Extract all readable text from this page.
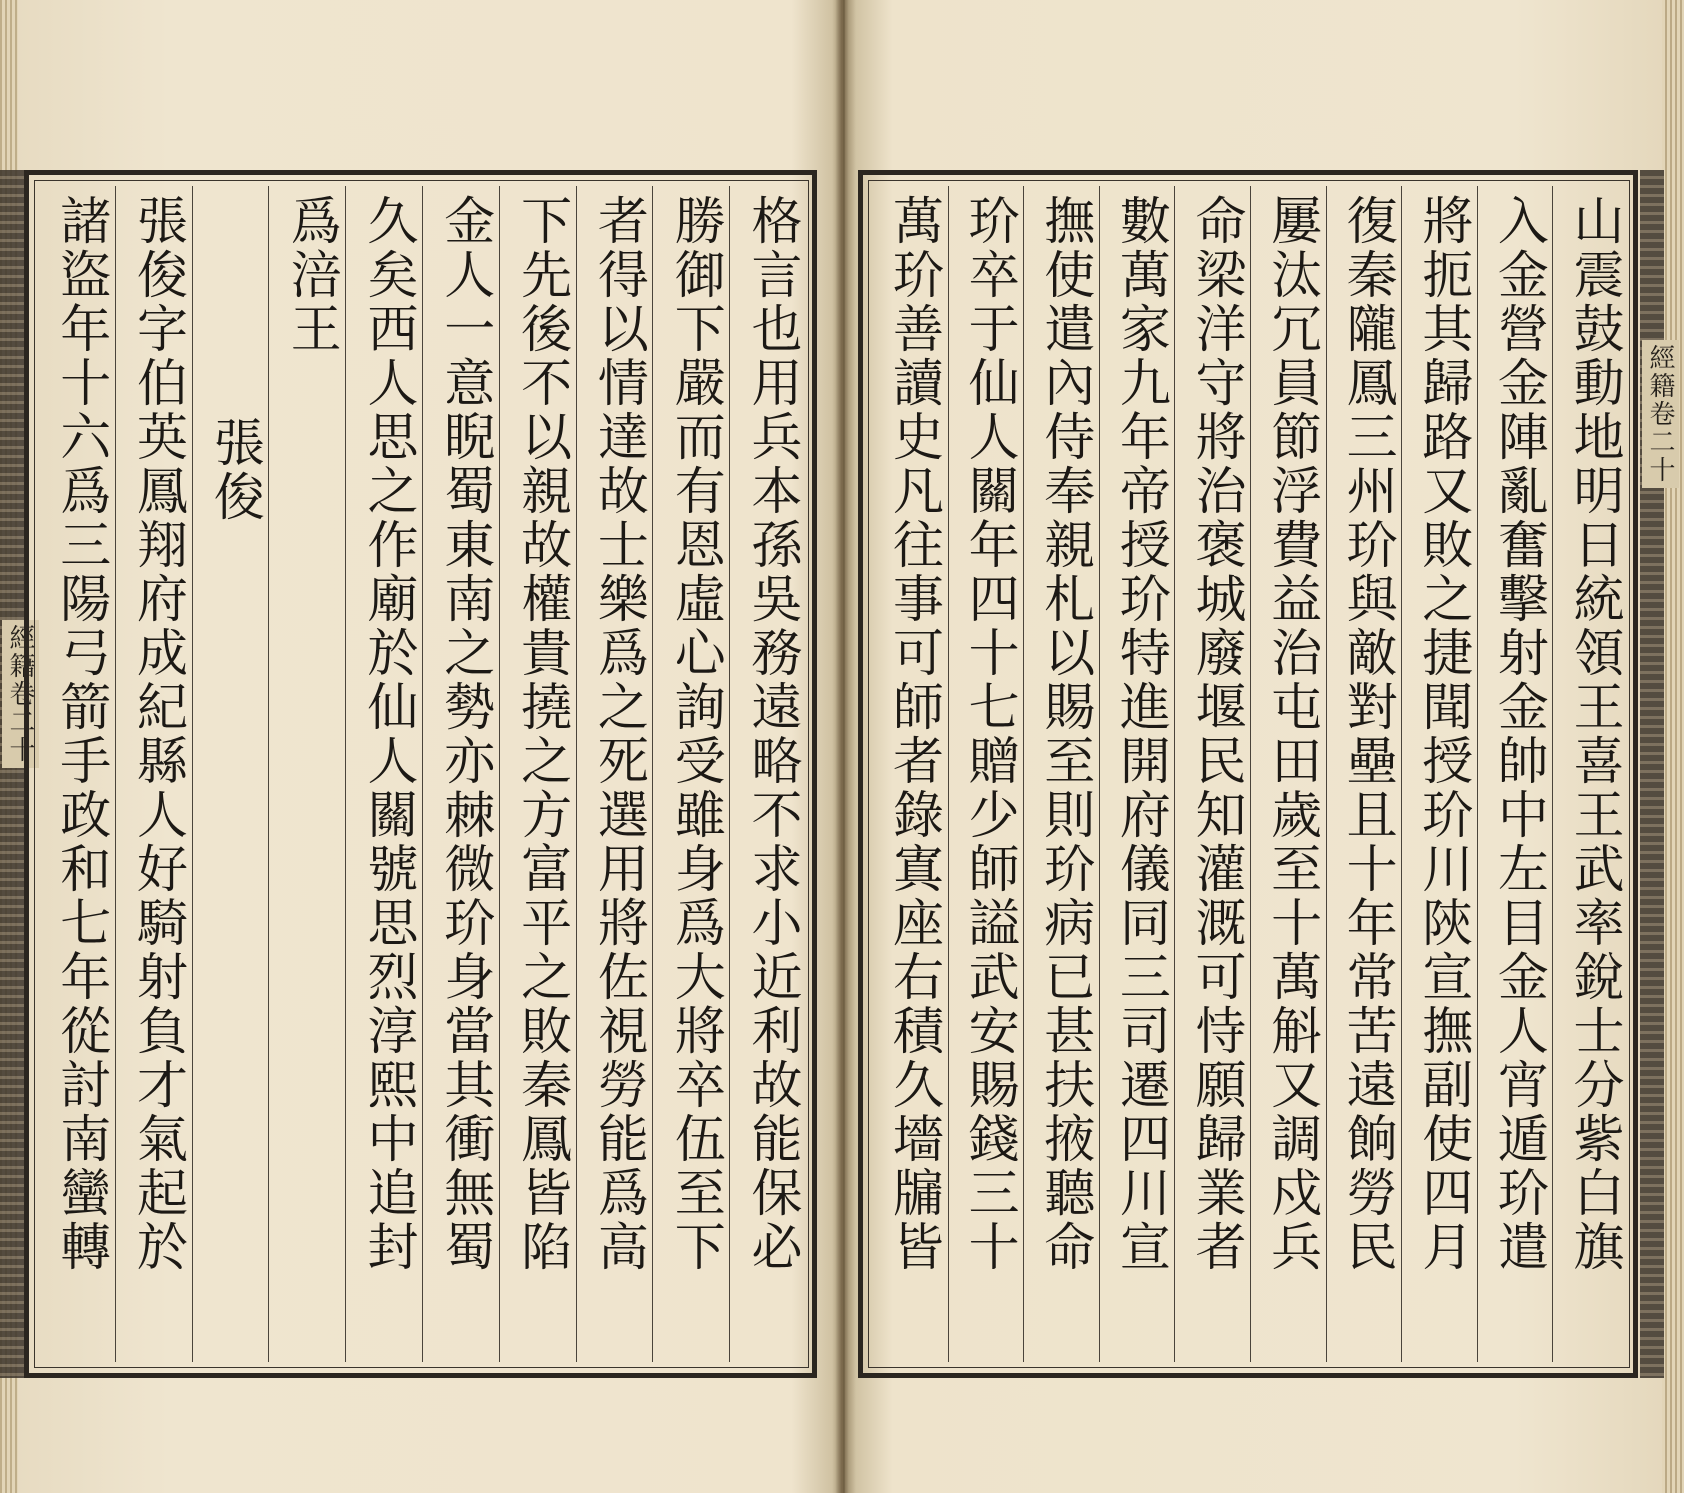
經籍卷二十
經籍卷二十
格言也用兵本孫吳務遠略不求小近利故能保必
勝御下嚴而有恩虛心詢受雖身爲大將卒伍至下
者得以情達故士樂爲之死選用將佐視勞能爲高
下先後不以親故權貴撓之方富平之敗秦鳳皆陷
金人一意睨蜀東南之勢亦棘微玠身當其衝無蜀
久矣西人思之作廟於仙人關號思烈淳熙中追封
爲涪王
張俊
張俊字伯英鳳翔府成紀縣人好騎射負才氣起於
諸盜年十六爲三陽弓箭手政和七年從討南蠻轉	山震鼓動地明日統領王喜王武率銳士分紫白旗
入金營金陣亂奮擊射金帥中左目金人宵遁玠遣
將扼其歸路又敗之捷聞授玠川陝宣撫副使四月
復秦隴鳳三州玠與敵對壘且十年常苦遠餉勞民
屢汰冗員節浮費益治屯田歲至十萬斛又調戍兵
命梁洋守將治褒城廢堰民知灌溉可恃願歸業者
數萬家九年帝授玠特進開府儀同三司遷四川宣
撫使遣內侍奉親札以賜至則玠病已甚扶掖聽命
玠卒于仙人關年四十七贈少師謚武安賜錢三十
萬玠善讀史凡往事可師者錄寘座右積久墻牖皆
